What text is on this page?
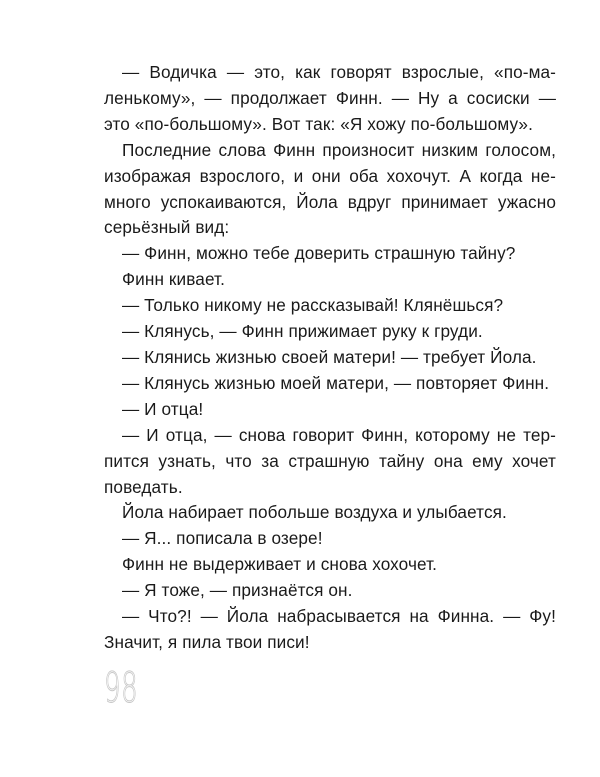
— Водичка — это, как говорят взрослые, «по-ма-
ленькому», — продолжает Финн. — Ну а сосиски —
это «по-большому». Вот так: «Я хожу по-большому».
Последние слова Финн произносит низким голосом,
изображая взрослого, и они оба хохочут. А когда не-
много успокаиваются, Йола вдруг принимает ужасно
серьёзный вид:
— Финн, можно тебе доверить страшную тайну?
Финн кивает.
— Только никому не рассказывай! Клянёшься?
— Клянусь, — Финн прижимает руку к груди.
— Клянись жизнью своей матери! — требует Йола.
— Клянусь жизнью моей матери, — повторяет Финн.
— И отца!
— И отца, — снова говорит Финн, которому не тер-
пится узнать, что за страшную тайну она ему хочет
поведать.
Йола набирает побольше воздуха и улыбается.
— Я... пописала в озере!
Финн не выдерживает и снова хохочет.
— Я тоже, — признаётся он.
— Что?! — Йола набрасывается на Финна. — Фу!
Значит, я пила твои писи!
98
